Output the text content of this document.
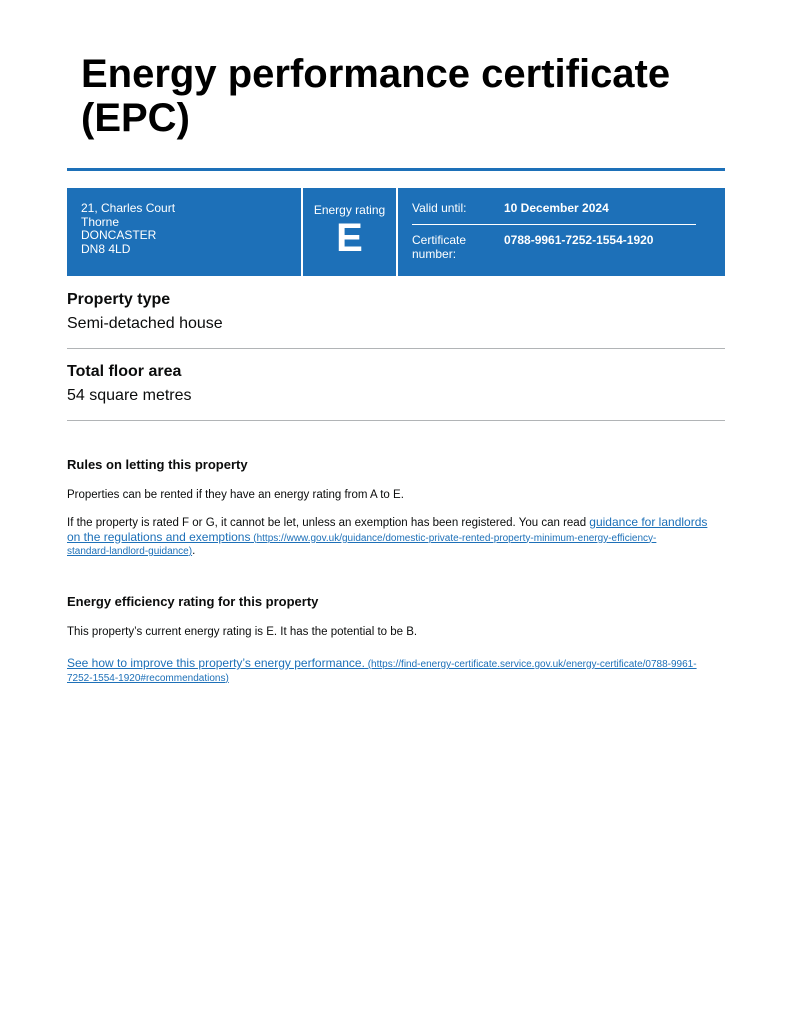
Energy performance certificate
(EPC)
21, Charles Court
Thorne
DONCASTER
DN8 4LD
Energy rating
E
Valid until:	10 December 2024
Certificate
number:
0788-9961-7252-1554-1920
Property type
Semi-detached house
Total floor area
54 square metres
Rules on letting this property
Properties can be rented if they have an energy rating from A to E.
If the property is rated F or G, it cannot be let, unless an exemption has been registered. You can read guidance for landlords
on the regulations and exemptions (https://www.gov.uk/guidance/domestic-private-rented-property-minimum-energy-efficiency-
standard-landlord-guidance).
Energy efficiency rating for this property
This property’s current energy rating is E. It has the potential to be B.
See how to improve this property’s energy performance. (https://find-energy-certificate.service.gov.uk/energy-certificate/0788-9961-
7252-1554-1920#recommendations)
